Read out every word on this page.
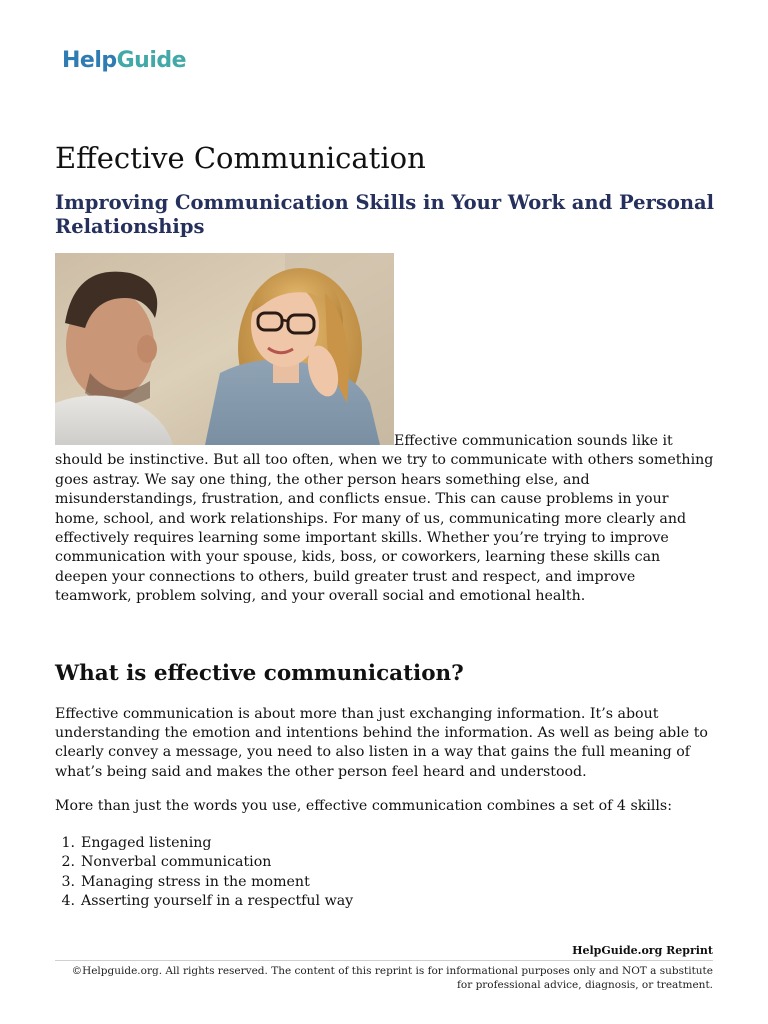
HelpGuide
Effective Communication
Improving Communication Skills in Your Work and Personal Relationships
Effective communication sounds like it should be instinctive. But all too often, when we try to communicate with others something goes astray. We say one thing, the other person hears something else, and misunderstandings, frustration, and conflicts ensue. This can cause problems in your home, school, and work relationships. For many of us, communicating more clearly and effectively requires learning some important skills. Whether you’re trying to improve communication with your spouse, kids, boss, or coworkers, learning these skills can deepen your connections to others, build greater trust and respect, and improve teamwork, problem solving, and your overall social and emotional health.
What is effective communication?

Effective communication is about more than just exchanging information. It’s about understanding the emotion and intentions behind the information. As well as being able to clearly convey a message, you need to also listen in a way that gains the full meaning of what’s being said and makes the other person feel heard and understood.

More than just the words you use, effective communication combines a set of 4 skills:

1. Engaged listening
2. Nonverbal communication
3. Managing stress in the moment
4. Asserting yourself in a respectful way
HelpGuide.org Reprint
©Helpguide.org. All rights reserved. The content of this reprint is for informational purposes only and NOT a substitute for professional advice, diagnosis, or treatment.
